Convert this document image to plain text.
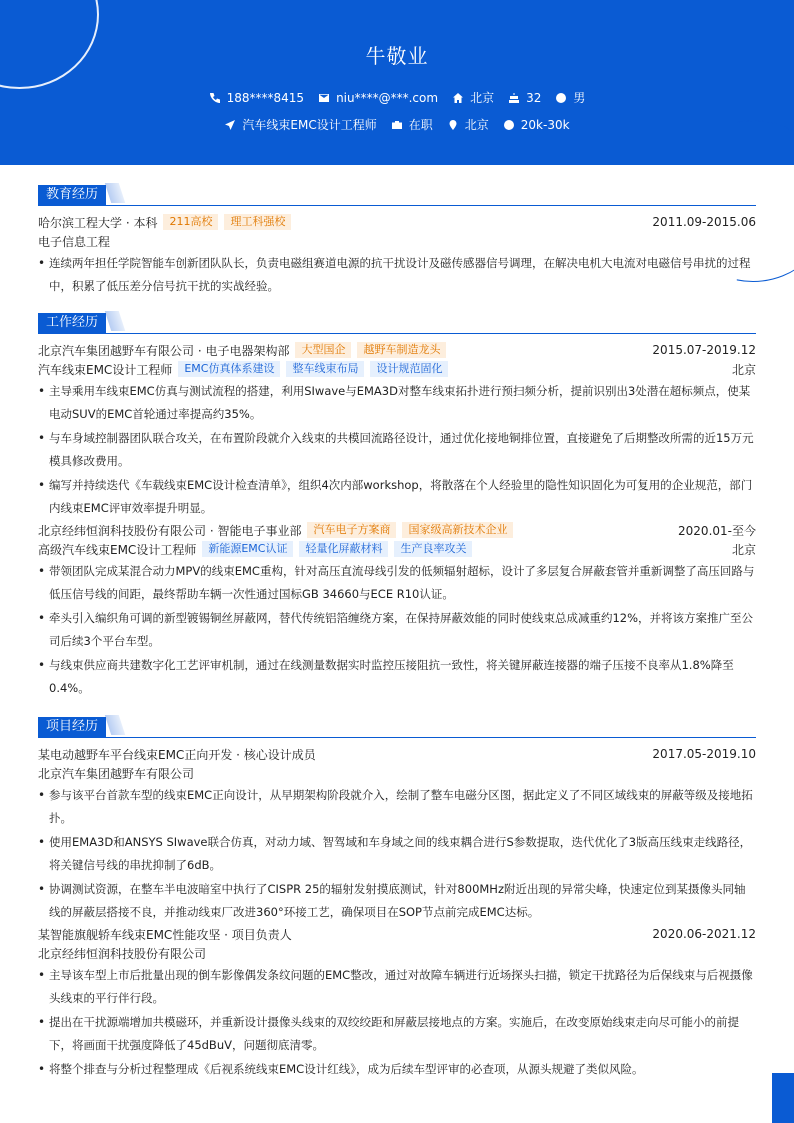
牛敬业
188****8415	niu****@***.com	北京	32	男
汽车线束EMC设计工程师	在职	北京	20k-30k
教育经历
哈尔滨工程大学 · 本科	211高校	理工科强校	2011.09-2015.06
电子信息工程
• 连续两年担任学院智能车创新团队队长，负责电磁组赛道电源的抗干扰设计及磁传感器信号调理，在解决电机大电流对电磁信号串扰的过程中，积累了低压差分信号抗干扰的实战经验。
工作经历
北京汽车集团越野车有限公司 · 电子电器架构部	大型国企	越野车制造龙头	2015.07-2019.12
汽车线束EMC设计工程师	EMC仿真体系建设	整车线束布局	设计规范固化	北京
• 主导乘用车线束EMC仿真与测试流程的搭建，利用SIwave与EMA3D对整车线束拓扑进行预扫频分析，提前识别出3处潜在超标频点，使某电动SUV的EMC首轮通过率提高约35%。
• 与车身域控制器团队联合攻关，在布置阶段就介入线束的共模回流路径设计，通过优化接地铜排位置，直接避免了后期整改所需的近15万元模具修改费用。
• 编写并持续迭代《车载线束EMC设计检查清单》，组织4次内部workshop，将散落在个人经验里的隐性知识固化为可复用的企业规范，部门内线束EMC评审效率提升明显。
北京经纬恒润科技股份有限公司 · 智能电子事业部	汽车电子方案商	国家级高新技术企业	2020.01-至今
高级汽车线束EMC设计工程师	新能源EMC认证	轻量化屏蔽材料	生产良率攻关	北京
• 带领团队完成某混合动力MPV的线束EMC重构，针对高压直流母线引发的低频辐射超标，设计了多层复合屏蔽套管并重新调整了高压回路与低压信号线的间距，最终帮助车辆一次性通过国标GB 34660与ECE R10认证。
• 牵头引入编织角可调的新型镀锡铜丝屏蔽网，替代传统铝箔缠绕方案，在保持屏蔽效能的同时使线束总成减重约12%，并将该方案推广至公司后续3个平台车型。
• 与线束供应商共建数字化工艺评审机制，通过在线测量数据实时监控压接阻抗一致性，将关键屏蔽连接器的端子压接不良率从1.8%降至0.4%。
项目经历
某电动越野车平台线束EMC正向开发 · 核心设计成员	2017.05-2019.10
北京汽车集团越野车有限公司
• 参与该平台首款车型的线束EMC正向设计，从早期架构阶段就介入，绘制了整车电磁分区图，据此定义了不同区域线束的屏蔽等级及接地拓扑。
• 使用EMA3D和ANSYS SIwave联合仿真，对动力域、智驾域和车身域之间的线束耦合进行S参数提取，迭代优化了3版高压线束走线路径，将关键信号线的串扰抑制了6dB。
• 协调测试资源，在整车半电波暗室中执行了CISPR 25的辐射发射摸底测试，针对800MHz附近出现的异常尖峰，快速定位到某摄像头同轴线的屏蔽层搭接不良，并推动线束厂改进360°环接工艺，确保项目在SOP节点前完成EMC达标。
某智能旗舰轿车线束EMC性能攻坚 · 项目负责人	2020.06-2021.12
北京经纬恒润科技股份有限公司
• 主导该车型上市后批量出现的倒车影像偶发条纹问题的EMC整改，通过对故障车辆进行近场探头扫描，锁定干扰路径为后保线束与后视摄像头线束的平行伴行段。
• 提出在干扰源端增加共模磁环，并重新设计摄像头线束的双绞绞距和屏蔽层接地点的方案。实施后，在改变原始线束走向尽可能小的前提下，将画面干扰强度降低了45dBuV，问题彻底清零。
• 将整个排查与分析过程整理成《后视系统线束EMC设计红线》，成为后续车型评审的必查项，从源头规避了类似风险。
